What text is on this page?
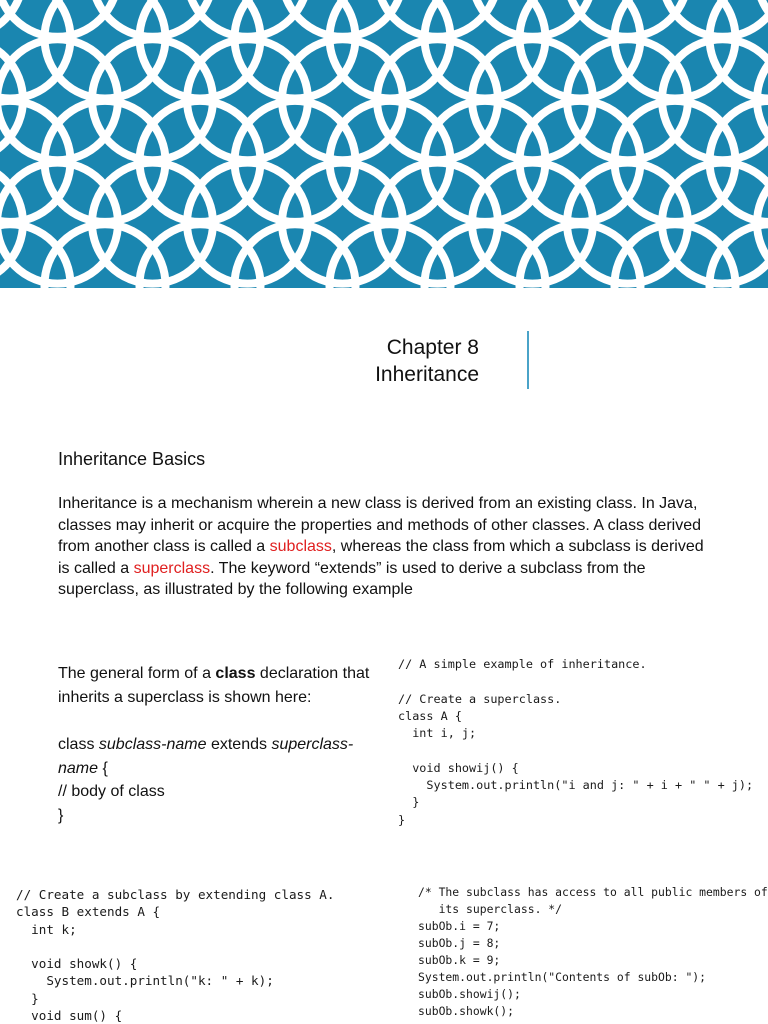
Chapter 8
Inheritance
Inheritance Basics
Inheritance is a mechanism wherein a new class is derived from an existing class. In Java, classes may inherit or acquire the properties and methods of other classes. A class derived from another class is called a subclass, whereas the class from which a subclass is derived is called a superclass. The keyword “extends” is used to derive a subclass from the superclass, as illustrated by the following example

The general form of a class declaration that inherits a superclass is shown here:

class subclass-name extends superclass-name {

// body of class

}

// A simple example of inheritance.

// Create a superclass.
class A {
int i, j;

void showij() {
System.out.println("i and j: " + i + " " + j);
}
}
// Create a subclass by extending class A.
class B extends A {
int k;

void showk() {
System.out.println("k: " + k);
}
void sum() {
/* The subclass has access to all public members of
its superclass. */
subOb.i = 7;
subOb.j = 8;
subOb.k = 9;
System.out.println("Contents of subOb: ");
subOb.showij();
subOb.showk();
